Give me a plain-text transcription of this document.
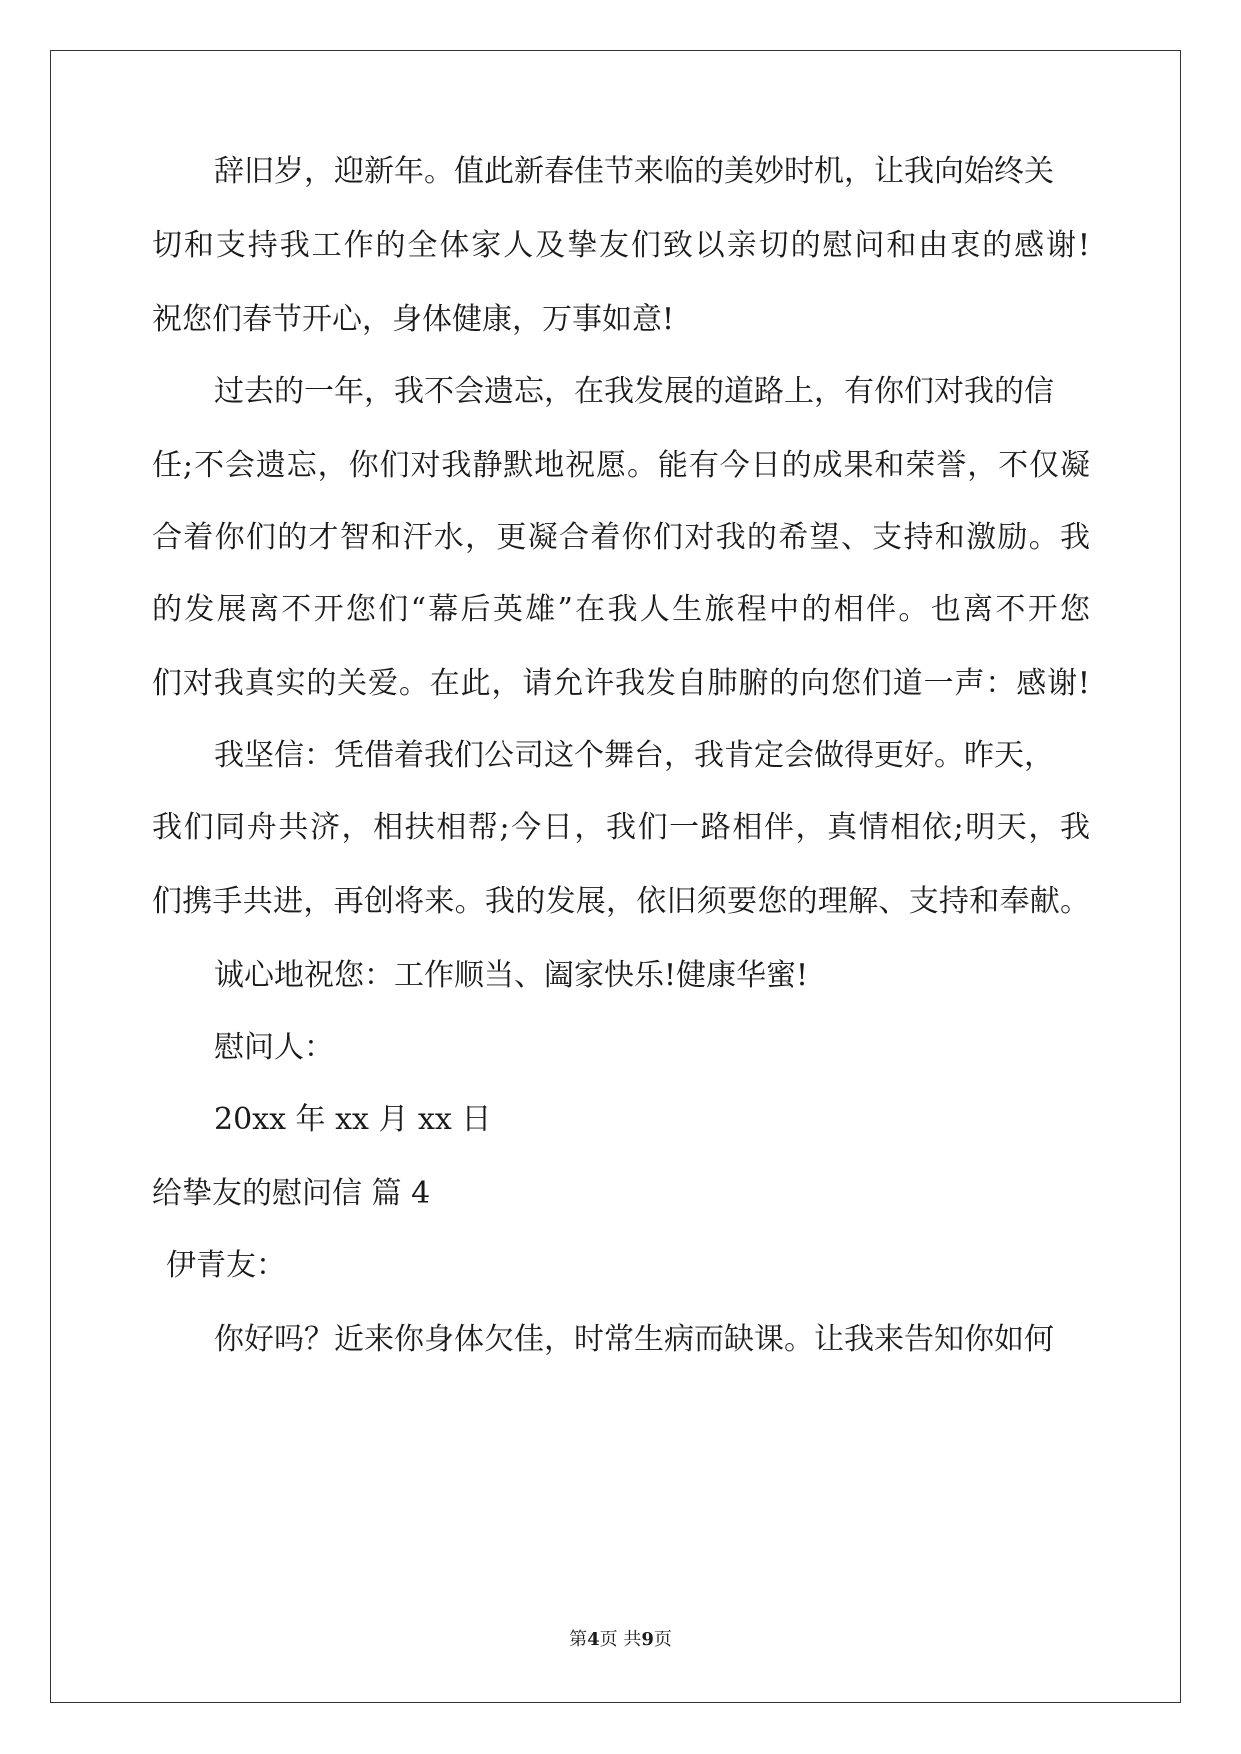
辞旧岁，迎新年。值此新春佳节来临的美妙时机，让我向始终关
切和支持我工作的全体家人及挚友们致以亲切的慰问和由衷的感谢!
祝您们春节开心，身体健康，万事如意!
过去的一年，我不会遗忘，在我发展的道路上，有你们对我的信
任;不会遗忘，你们对我静默地祝愿。能有今日的成果和荣誉，不仅凝
合着你们的才智和汗水，更凝合着你们对我的希望、支持和激励。我
的发展离不开您们“幕后英雄”在我人生旅程中的相伴。也离不开您
们对我真实的关爱。在此，请允许我发自肺腑的向您们道一声：感谢!
我坚信：凭借着我们公司这个舞台，我肯定会做得更好。昨天，
我们同舟共济，相扶相帮;今日，我们一路相伴，真情相依;明天，我
们携手共进，再创将来。我的发展，依旧须要您的理解、支持和奉献。
诚心地祝您：工作顺当、阖家快乐!健康华蜜!
慰问人：
20xx 年 xx 月 xx 日
给挚友的慰问信 篇 4
伊青友：
你好吗？近来你身体欠佳，时常生病而缺课。让我来告知你如何
第4页 共9页
